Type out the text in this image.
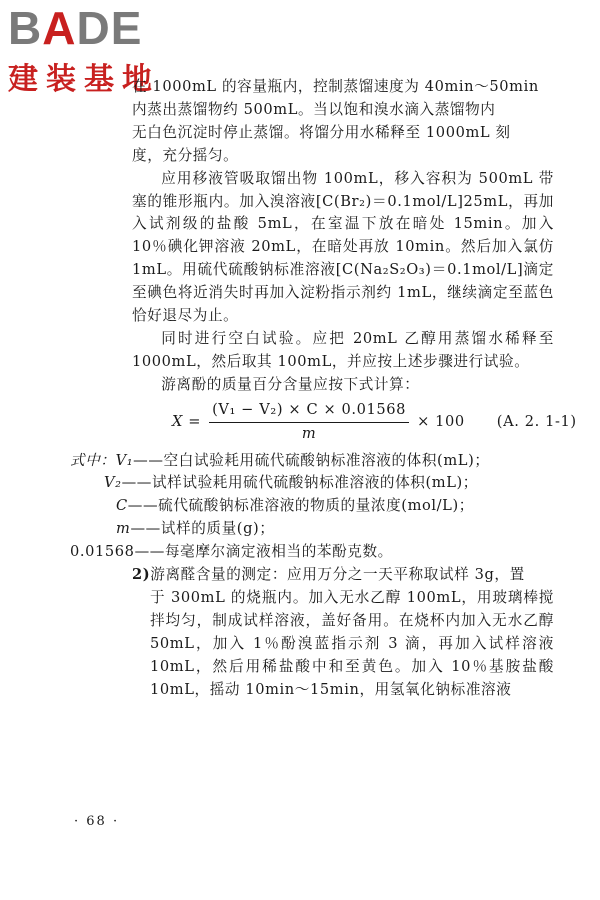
BADE
建装基地

在 1000mL 的容量瓶内，控制蒸馏速度为 40min～50min

内蒸出蒸馏物约 500mL。当以饱和溴水滴入蒸馏物内

无白色沉淀时停止蒸馏。将馏分用水稀释至 1000mL 刻

度，充分摇匀。

应用移液管吸取馏出物 100mL，移入容积为 500mL 带塞的锥形瓶内。加入溴溶液[C(Br₂)＝0.1mol/L]25mL，再加入试剂级的盐酸 5mL，在室温下放在暗处 15min。加入 10％碘化钾溶液 20mL，在暗处再放 10min。然后加入氯仿 1mL。用硫代硫酸钠标准溶液[C(Na₂S₂O₃)＝0.1mol/L]滴定至碘色将近消失时再加入淀粉指示剂约 1mL，继续滴定至蓝色恰好退尽为止。

同时进行空白试验。应把 20mL 乙醇用蒸馏水稀释至 1000mL，然后取其 100mL，并应按上述步骤进行试验。

游离酚的质量百分含量应按下式计算：

$X = \frac{\text{(V₁ − V₂) × C × 0.01568}}{m} \times 100$ (A. 2. 1-1)
式中：V₁——空白试验耗用硫代硫酸钠标准溶液的体积(mL)；
V₂——试样试验耗用硫代硫酸钠标准溶液的体积(mL)；
C——硫代硫酸钠标准溶液的物质的量浓度(mol/L)；
m——试样的质量(g)；
0.01568——每毫摩尔滴定液相当的苯酚克数。

2)游离醛含量的测定：应用万分之一天平称取试样 3g，置

于 300mL 的烧瓶内。加入无水乙醇 100mL，用玻璃棒搅拌均匀，制成试样溶液，盖好备用。在烧杯内加入无水乙醇 50mL，加入 1％酚溴蓝指示剂 3 滴，再加入试样溶液 10mL，然后用稀盐酸中和至黄色。加入 10％基胺盐酸 10mL，摇动 10min～15min，用氢氧化钠标准溶液

· 68 ·
